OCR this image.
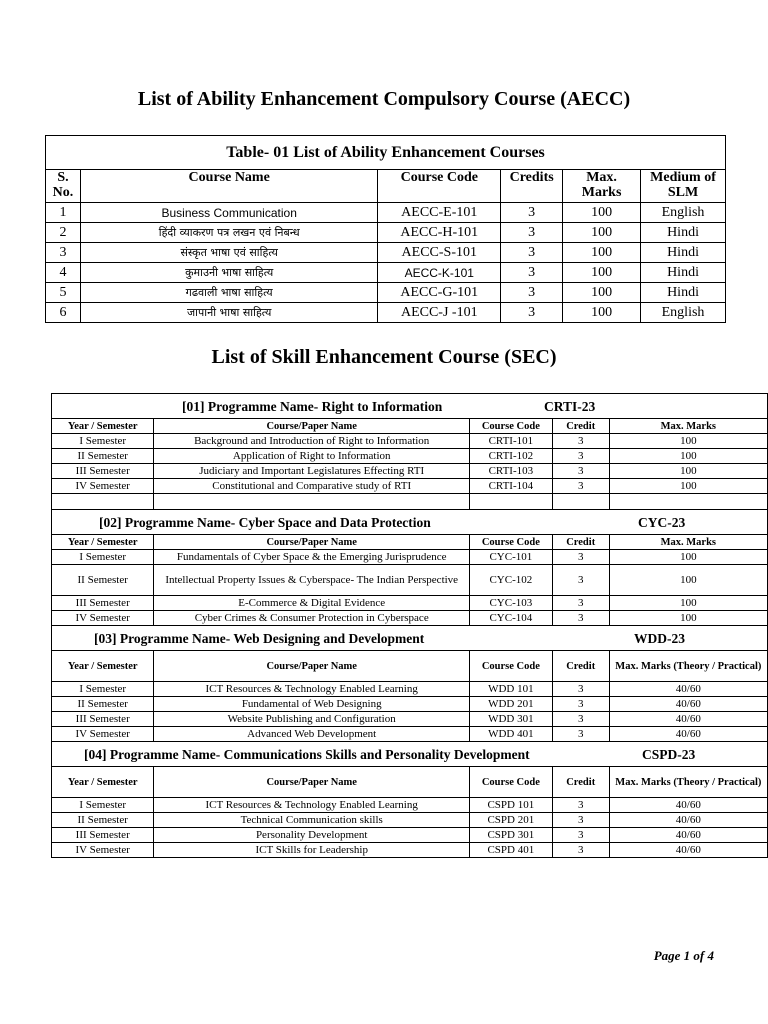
List of Ability Enhancement Compulsory Course (AECC)
Table- 01 List of Ability Enhancement Courses					
S. No.	Course Name	Course Code	Credits	Max. Marks	Medium of SLM
1	Business Communication	AECC-E-101	3	100	English
2	हिंदी व्याकरण पत्र लखन एवं निबन्ध	AECC-H-101	3	100	Hindi
3	संस्कृत भाषा एवं साहित्य	AECC-S-101	3	100	Hindi
4	कुमाउनी भाषा साहित्य	AECC-K-101	3	100	Hindi
5	गढवाली भाषा साहित्य	AECC-G-101	3	100	Hindi
6	जापानी भाषा साहित्य	AECC-J -101	3	100	English
List of Skill Enhancement Course (SEC)
[01] Programme Name- Right to Information CRTI-23				

Year / Semester	Course/Paper Name	Course Code	Credit	Max. Marks
I Semester	Background and Introduction of Right to Information	CRTI-101	3	100
II Semester	Application of Right to Information	CRTI-102	3	100
III Semester	Judiciary and Important Legislatures Effecting RTI	CRTI-103	3	100
IV Semester	Constitutional and Comparative study of RTI	CRTI-104	3	100

[02] Programme Name- Cyber Space and Data Protection CYC-23				

Year / Semester	Course/Paper Name	Course Code	Credit	Max. Marks
I Semester	Fundamentals of Cyber Space & the Emerging Jurisprudence	CYC-101	3	100
II Semester	Intellectual Property Issues & Cyberspace- The Indian Perspective	CYC-102	3	100
III Semester	E-Commerce & Digital Evidence	CYC-103	3	100
IV Semester	Cyber Crimes & Consumer Protection in Cyberspace	CYC-104	3	100

[03] Programme Name- Web Designing and Development WDD-23				

Year / Semester	Course/Paper Name	Course Code	Credit	Max. Marks (Theory / Practical)
I Semester	ICT Resources & Technology Enabled Learning	WDD 101	3	40/60
II Semester	Fundamental of Web Designing	WDD 201	3	40/60
III Semester	Website Publishing and Configuration	WDD 301	3	40/60
IV Semester	Advanced Web Development	WDD 401	3	40/60

[04] Programme Name- Communications Skills and Personality Development CSPD-23				

Year / Semester	Course/Paper Name	Course Code	Credit	Max. Marks (Theory / Practical)
I Semester	ICT Resources & Technology Enabled Learning	CSPD 101	3	40/60
II Semester	Technical Communication skills	CSPD 201	3	40/60
III Semester	Personality Development	CSPD 301	3	40/60
IV Semester	ICT Skills for Leadership	CSPD 401	3	40/60
Page 1 of 4
